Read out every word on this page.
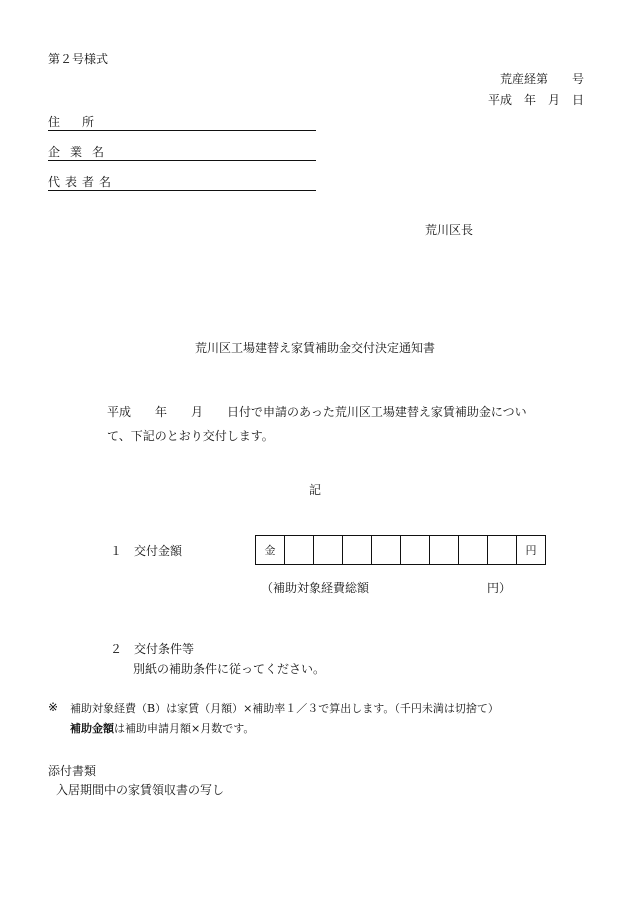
第２号様式
荒産経第　　号
平成　年　月　日
住所
企業名
代表者名
荒川区長
荒川区工場建替え家賃補助金交付決定通知書
平成　　年　　月　　日付で申請のあった荒川区工場建替え家賃補助金について、下記のとおり交付します。
記
１　交付金額	金									円
（補助対象経費総額	円）
２　交付条件等
別紙の補助条件に従ってください。
※ 補助対象経費（B）は家賃（月額）×補助率１／３で算出します。（千円未満は切捨て）
補助金額は補助申請月額×月数です。
添付書類
入居期間中の家賃領収書の写し
